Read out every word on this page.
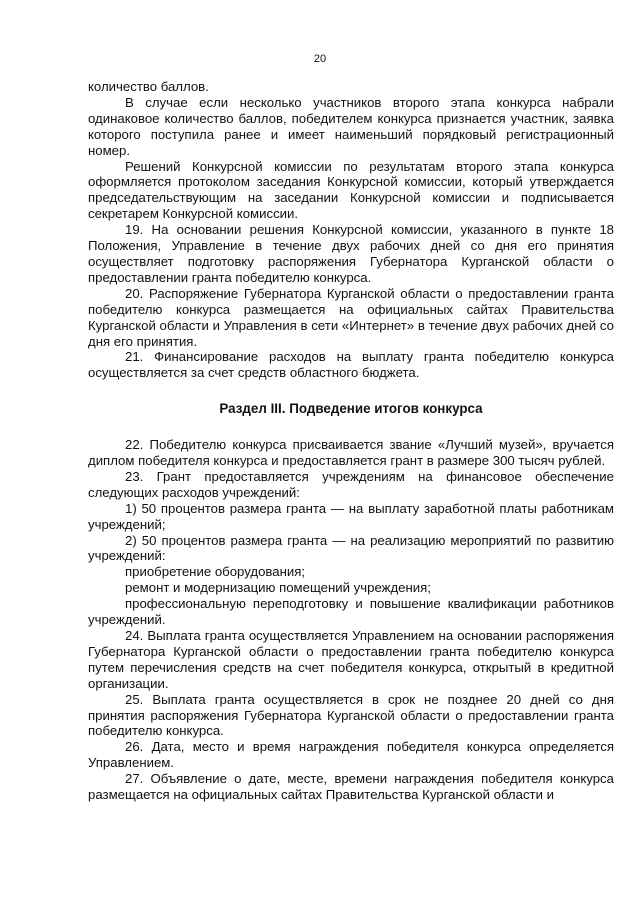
20

количество баллов.

В случае если несколько участников второго этапа конкурса набрали одинаковое количество баллов, победителем конкурса признается участник, заявка которого поступила ранее и имеет наименьший порядковый регистрационный номер.

Решений Конкурсной комиссии по результатам второго этапа конкурса оформляется протоколом заседания Конкурсной комиссии, который утверждается председательствующим на заседании Конкурсной комиссии и подписывается секретарем Конкурсной комиссии.

19. На основании решения Конкурсной комиссии, указанного в пункте 18 Положения, Управление в течение двух рабочих дней со дня его принятия осуществляет подготовку распоряжения Губернатора Курганской области о предоставлении гранта победителю конкурса.

20. Распоряжение Губернатора Курганской области о предоставлении гранта победителю конкурса размещается на официальных сайтах Правительства Курганской области и Управления в сети «Интернет» в течение двух рабочих дней со дня его принятия.

21. Финансирование расходов на выплату гранта победителю конкурса осуществляется за счет средств областного бюджета.

Раздел III. Подведение итогов конкурса

22. Победителю конкурса присваивается звание «Лучший музей», вручается диплом победителя конкурса и предоставляется грант в размере 300 тысяч рублей.

23. Грант предоставляется учреждениям на финансовое обеспечение следующих расходов учреждений:

1) 50 процентов размера гранта — на выплату заработной платы работникам учреждений;

2) 50 процентов размера гранта — на реализацию мероприятий по развитию учреждений:

приобретение оборудования;

ремонт и модернизацию помещений учреждения;

профессиональную переподготовку и повышение квалификации работников учреждений.

24. Выплата гранта осуществляется Управлением на основании распоряжения Губернатора Курганской области о предоставлении гранта победителю конкурса путем перечисления средств на счет победителя конкурса, открытый в кредитной организации.

25. Выплата гранта осуществляется в срок не позднее 20 дней со дня принятия распоряжения Губернатора Курганской области о предоставлении гранта победителю конкурса.

26. Дата, место и время награждения победителя конкурса определяется Управлением.

27. Объявление о дате, месте, времени награждения победителя конкурса размещается на официальных сайтах Правительства Курганской области и
